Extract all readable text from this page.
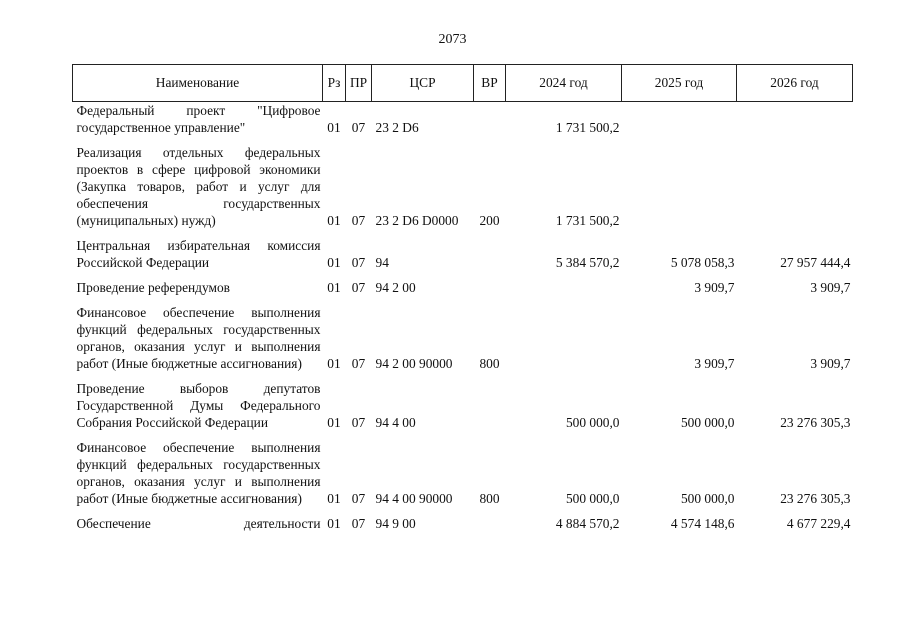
2073
Наименование	Рз	ПР	ЦСР	ВР	2024 год	2025 год	2026 год
Федеральный проект "Цифровое государственное управление"	01	07	23 2 D6		1 731 500,2		

Реализация отдельных федеральных проектов в сфере цифровой экономики (Закупка товаров, работ и услуг для обеспечения государственных (муниципальных) нужд)	01	07	23 2 D6 D0000	200	1 731 500,2		

Центральная избирательная комиссия Российской Федерации	01	07	94		5 384 570,2	5 078 058,3	27 957 444,4

Проведение референдумов	01	07	94 2 00			3 909,7	3 909,7

Финансовое обеспечение выполнения функций федеральных государственных органов, оказания услуг и выполнения работ (Иные бюджетные ассигнования)	01	07	94 2 00 90000	800		3 909,7	3 909,7

Проведение выборов депутатов Государственной Думы Федерального Собрания Российской Федерации	01	07	94 4 00		500 000,0	500 000,0	23 276 305,3

Финансовое обеспечение выполнения функций федеральных государственных органов, оказания услуг и выполнения работ (Иные бюджетные ассигнования)	01	07	94 4 00 90000	800	500 000,0	500 000,0	23 276 305,3

Обеспечение деятельности	01	07	94 9 00		4 884 570,2	4 574 148,6	4 677 229,4
